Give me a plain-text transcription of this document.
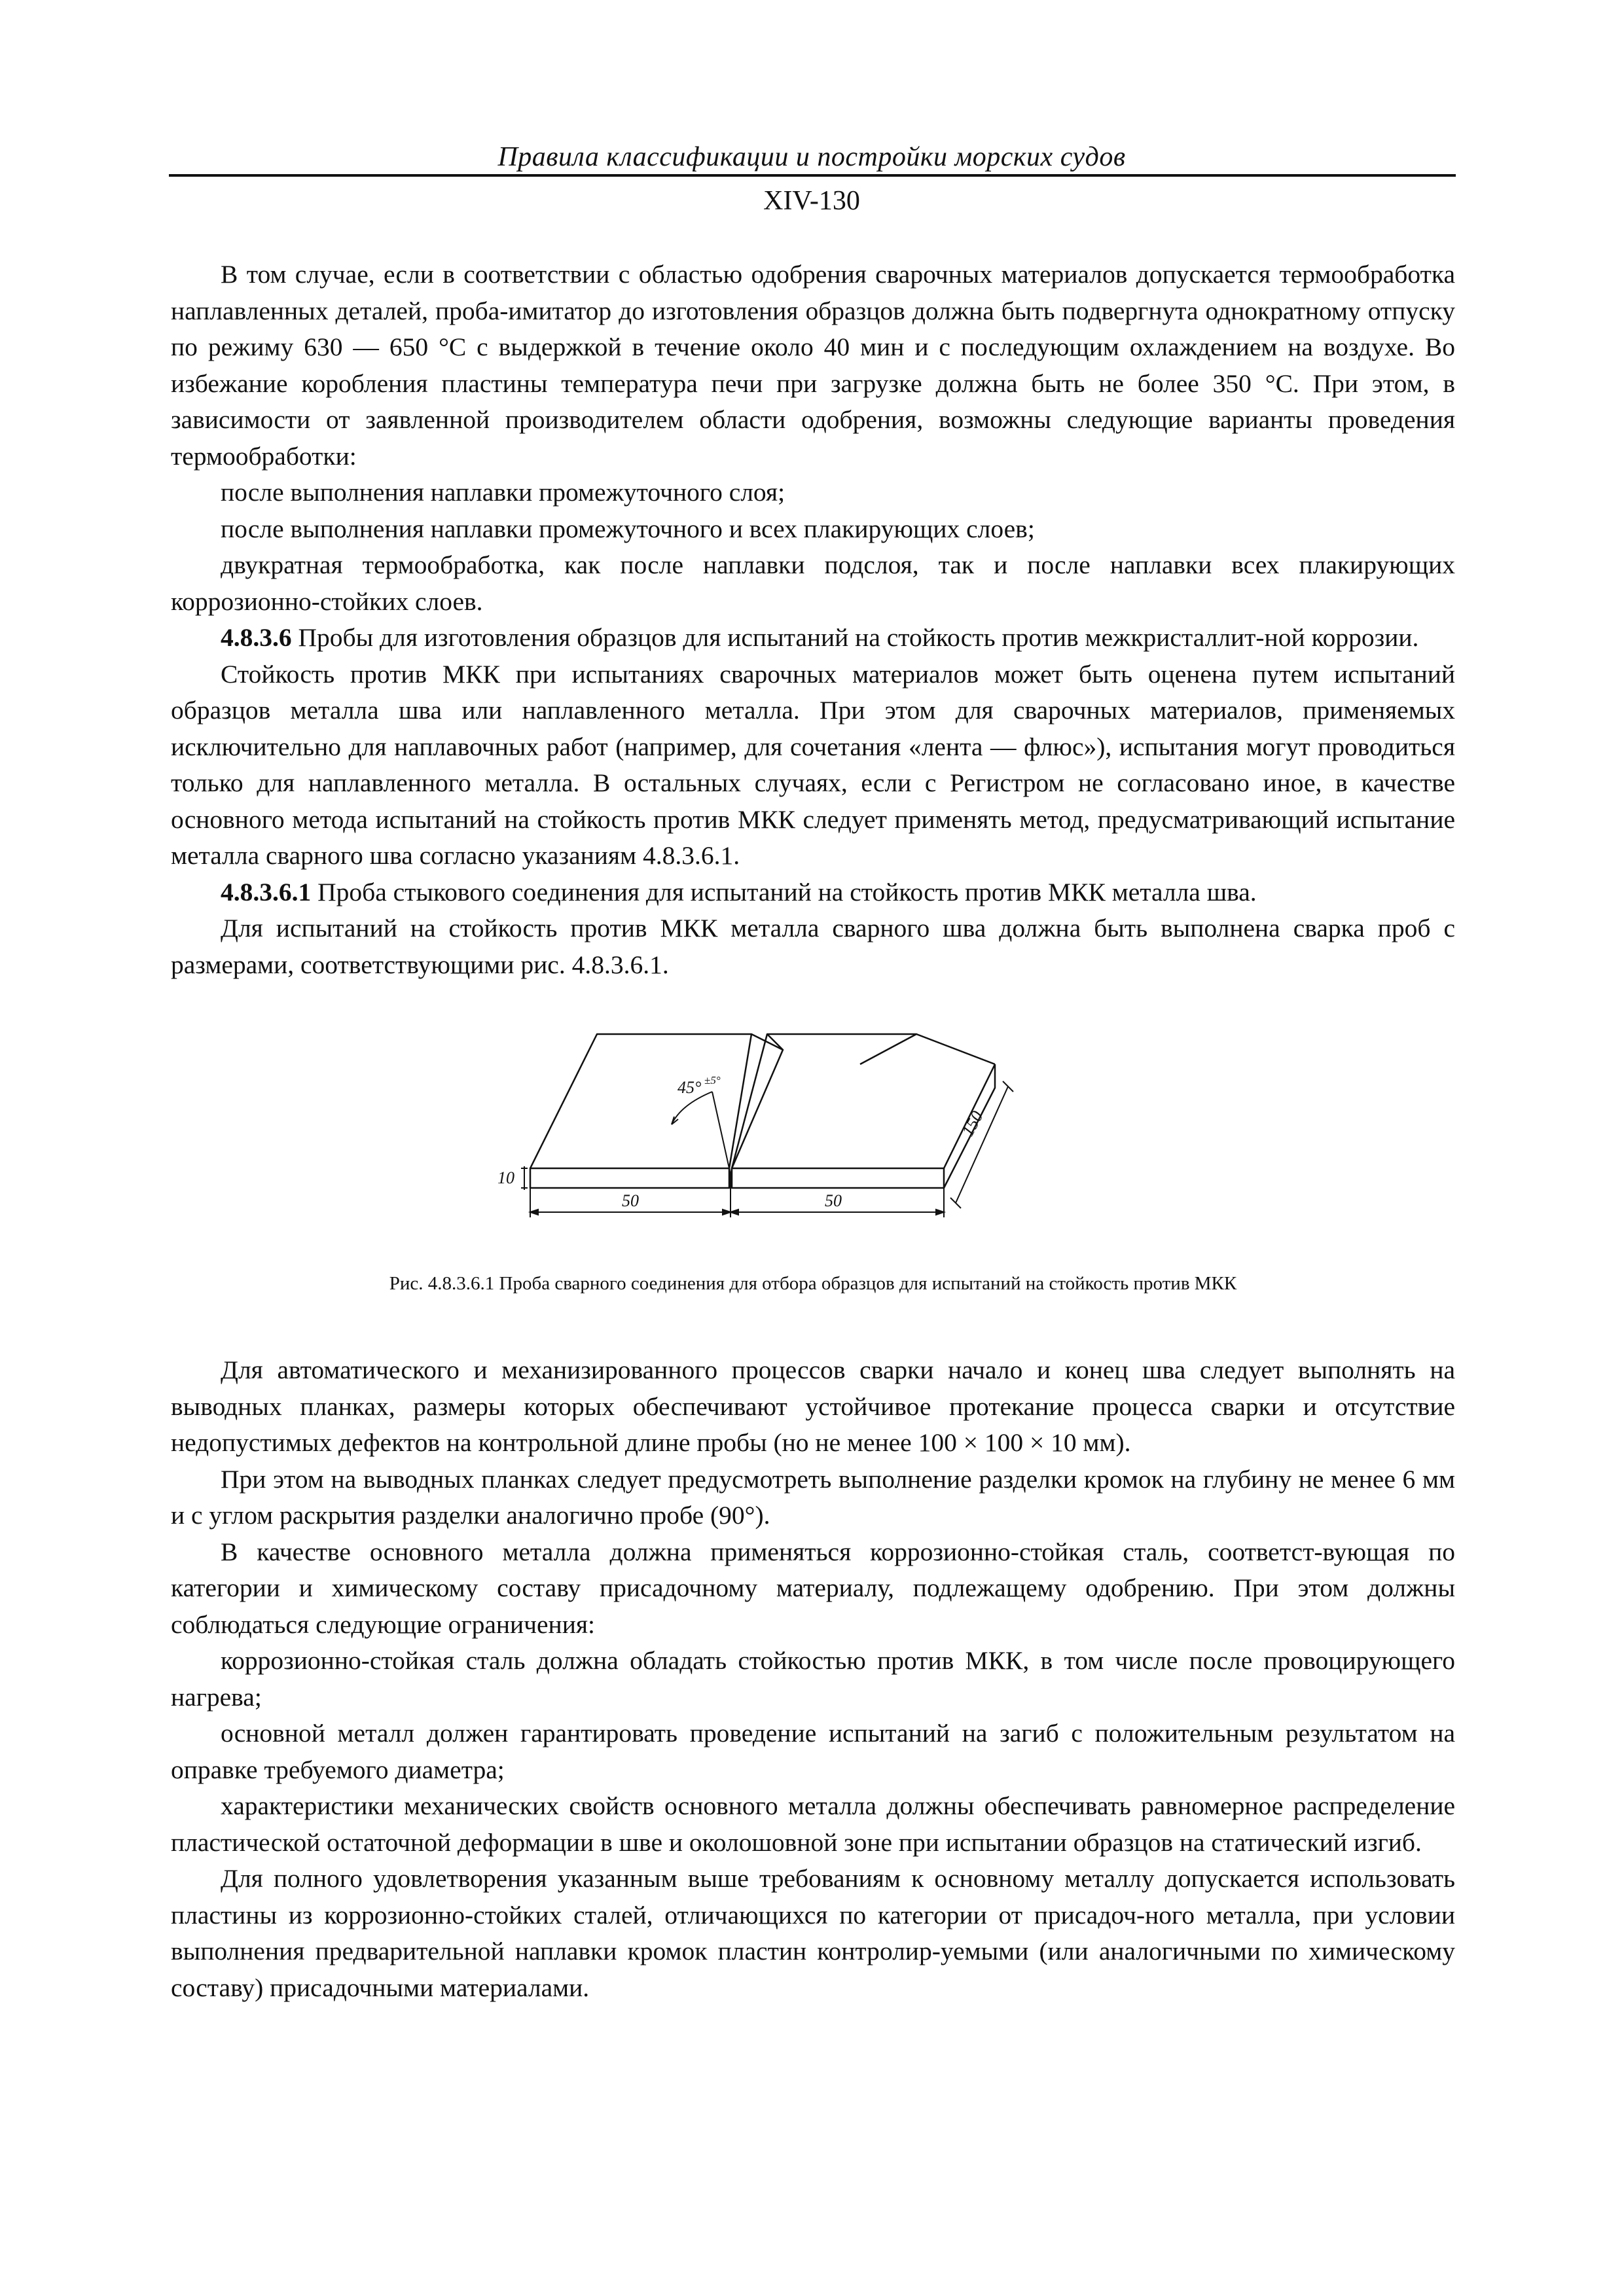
Правила классификации и постройки морских судов
XIV-130

В том случае, если в соответствии с областью одобрения сварочных материалов допускается термообработка наплавленных деталей, проба-имитатор до изготовления образцов должна быть подвергнута однократному отпуску по режиму 630 — 650 °C с выдержкой в течение около 40 мин и с последующим охлаждением на воздухе. Во избежание коробления пластины температура печи при загрузке должна быть не более 350 °C. При этом, в зависимости от заявленной производителем области одобрения, возможны следующие варианты проведения термообработки:

после выполнения наплавки промежуточного слоя;

после выполнения наплавки промежуточного и всех плакирующих слоев;

двукратная термообработка, как после наплавки подслоя, так и после наплавки всех плакирующих коррозионно-стойких слоев.

4.8.3.6 Пробы для изготовления образцов для испытаний на стойкость против межкристаллит-ной коррозии.

Стойкость против МКК при испытаниях сварочных материалов может быть оценена путем испытаний образцов металла шва или наплавленного металла. При этом для сварочных материалов, применяемых исключительно для наплавочных работ (например, для сочетания «лента — флюс»), испытания могут проводиться только для наплавленного металла. В остальных случаях, если с Регистром не согласовано иное, в качестве основного метода испытаний на стойкость против МКК следует применять метод, предусматривающий испытание металла сварного шва согласно указаниям 4.8.3.6.1.

4.8.3.6.1 Проба стыкового соединения для испытаний на стойкость против МКК металла шва.

Для испытаний на стойкость против МКК металла сварного шва должна быть выполнена сварка проб с размерами, соответствующими рис. 4.8.3.6.1.

45° ±5°
10
50	50
150
Рис. 4.8.3.6.1 Проба сварного соединения для отбора образцов для испытаний на стойкость против МКК

Для автоматического и механизированного процессов сварки начало и конец шва следует выполнять на выводных планках, размеры которых обеспечивают устойчивое протекание процесса сварки и отсутствие недопустимых дефектов на контрольной длине пробы (но не менее 100 × 100 × 10 мм).

При этом на выводных планках следует предусмотреть выполнение разделки кромок на глубину не менее 6 мм и с углом раскрытия разделки аналогично пробе (90°).

В качестве основного металла должна применяться коррозионно-стойкая сталь, соответст-вующая по категории и химическому составу присадочному материалу, подлежащему одобрению. При этом должны соблюдаться следующие ограничения:

коррозионно-стойкая сталь должна обладать стойкостью против МКК, в том числе после провоцирующего нагрева;

основной металл должен гарантировать проведение испытаний на загиб с положительным результатом на оправке требуемого диаметра;

характеристики механических свойств основного металла должны обеспечивать равномерное распределение пластической остаточной деформации в шве и околошовной зоне при испытании образцов на статический изгиб.

Для полного удовлетворения указанным выше требованиям к основному металлу допускается использовать пластины из коррозионно-стойких сталей, отличающихся по категории от присадоч-ного металла, при условии выполнения предварительной наплавки кромок пластин контролир-уемыми (или аналогичными по химическому составу) присадочными материалами.
